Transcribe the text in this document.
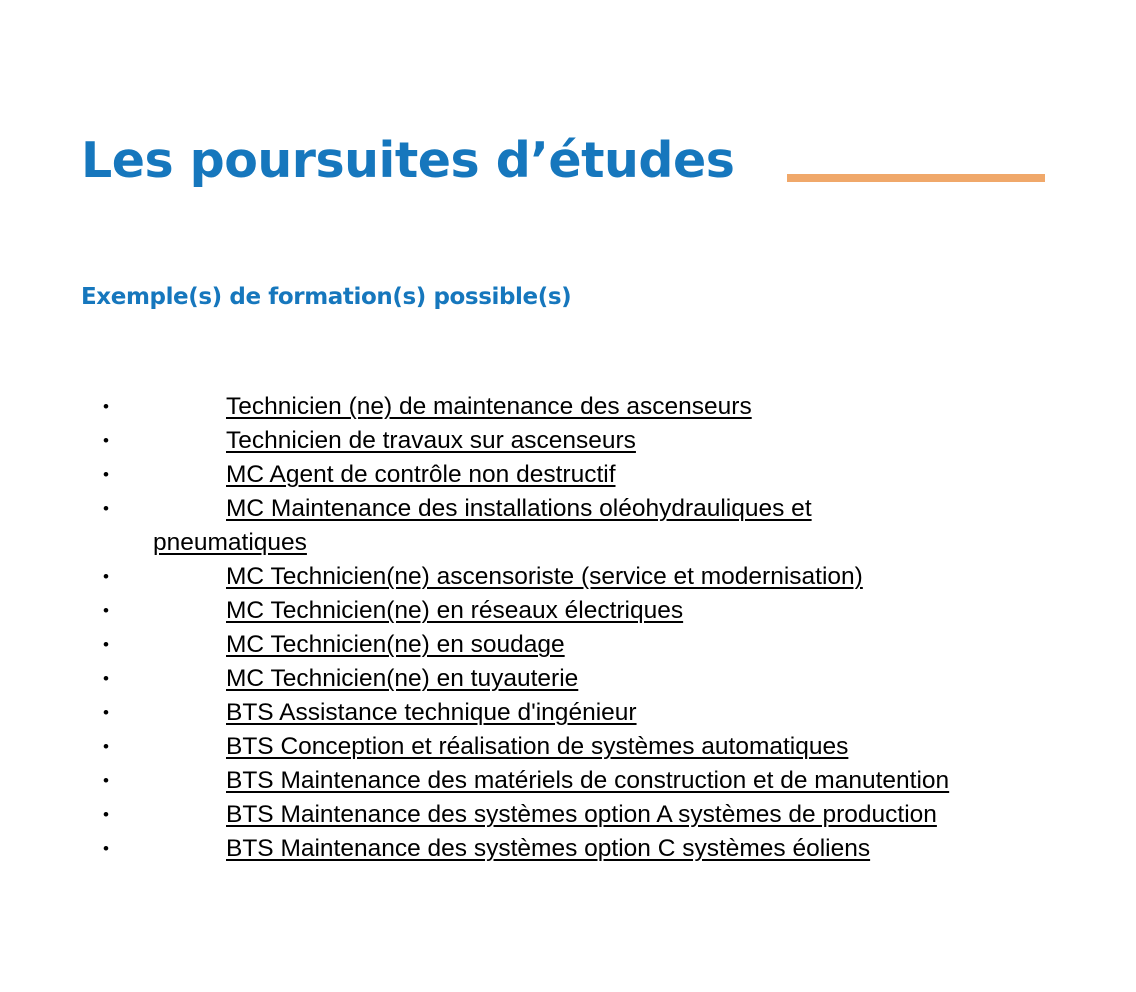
Les poursuites d’études
Exemple(s) de formation(s) possible(s)
•	Technicien (ne) de maintenance des ascenseurs
•	Technicien de travaux sur ascenseurs
•	MC Agent de contrôle non destructif
•	MC Maintenance des installations oléohydrauliques et
pneumatiques
•	MC Technicien(ne) ascensoriste (service et modernisation)
•	MC Technicien(ne) en réseaux électriques
•	MC Technicien(ne) en soudage
•	MC Technicien(ne) en tuyauterie
•	BTS Assistance technique d'ingénieur
•	BTS Conception et réalisation de systèmes automatiques
•	BTS Maintenance des matériels de construction et de manutention
•	BTS Maintenance des systèmes option A systèmes de production
•	BTS Maintenance des systèmes option C systèmes éoliens
